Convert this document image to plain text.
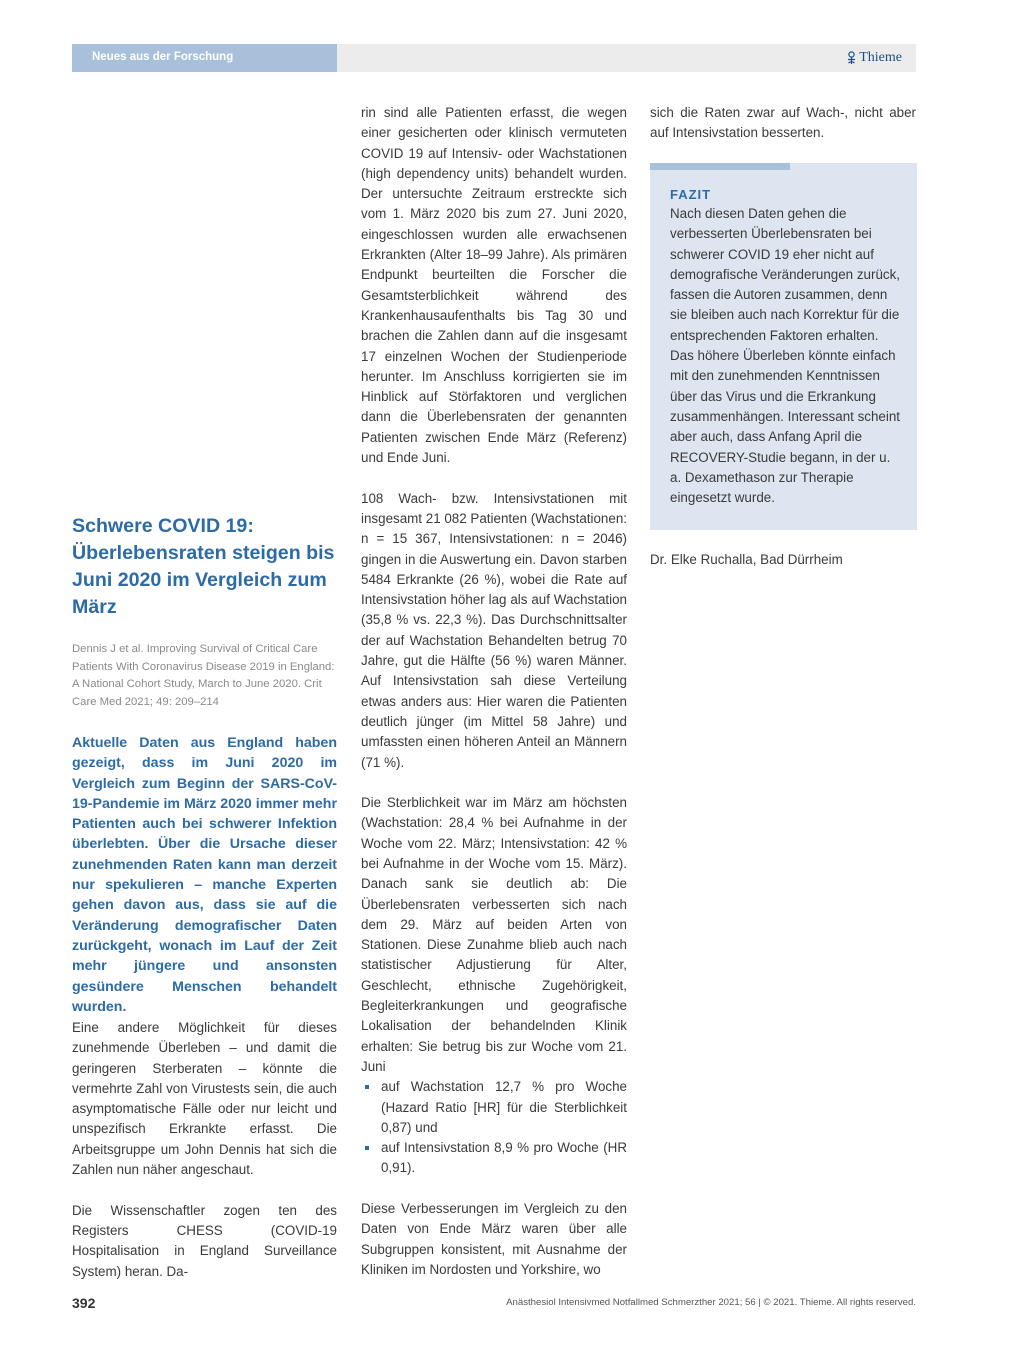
Neues aus der Forschung	Thieme
Schwere COVID 19: Überlebensraten steigen bis Juni 2020 im Vergleich zum März

Dennis J et al. Improving Survival of Critical Care Patients With Coronavirus Disease 2019 in England: A National Cohort Study, March to June 2020. Crit Care Med 2021; 49: 209–214

Aktuelle Daten aus England haben gezeigt, dass im Juni 2020 im Vergleich zum Beginn der SARS-CoV-19-Pandemie im März 2020 immer mehr Patienten auch bei schwerer Infektion überlebten. Über die Ursache dieser zunehmenden Raten kann man derzeit nur spekulieren – manche Experten gehen davon aus, dass sie auf die Veränderung demografischer Daten zurückgeht, wonach im Lauf der Zeit mehr jüngere und ansonsten gesündere Menschen behandelt wurden.

Eine andere Möglichkeit für dieses zunehmende Überleben – und damit die geringeren Sterberaten – könnte die vermehrte Zahl von Virustests sein, die auch asymptomatische Fälle oder nur leicht und unspezifisch Erkrankte erfasst. Die Arbeitsgruppe um John Dennis hat sich die Zahlen nun näher angeschaut.

Die Wissenschaftler zogen ten des Registers CHESS (COVID-19 Hospitalisation in England Surveillance System) heran. Da-

rin sind alle Patienten erfasst, die wegen einer gesicherten oder klinisch vermuteten COVID 19 auf Intensiv- oder Wachstationen (high dependency units) behandelt wurden. Der untersuchte Zeitraum erstreckte sich vom 1. März 2020 bis zum 27. Juni 2020, eingeschlossen wurden alle erwachsenen Erkrankten (Alter 18–99 Jahre). Als primären Endpunkt beurteilten die Forscher die Gesamtsterblichkeit während des Krankenhausaufenthalts bis Tag 30 und brachen die Zahlen dann auf die insgesamt 17 einzelnen Wochen der Studienperiode herunter. Im Anschluss korrigierten sie im Hinblick auf Störfaktoren und verglichen dann die Überlebensraten der genannten Patienten zwischen Ende März (Referenz) und Ende Juni.

108 Wach- bzw. Intensivstationen mit insgesamt 21 082 Patienten (Wachstationen: n = 15 367, Intensivstationen: n = 2046) gingen in die Auswertung ein. Davon starben 5484 Erkrankte (26 %), wobei die Rate auf Intensivstation höher lag als auf Wachstation (35,8 % vs. 22,3 %). Das Durchschnittsalter der auf Wachstation Behandelten betrug 70 Jahre, gut die Hälfte (56 %) waren Männer. Auf Intensivstation sah diese Verteilung etwas anders aus: Hier waren die Patienten deutlich jünger (im Mittel 58 Jahre) und umfassten einen höheren Anteil an Männern (71 %).

Die Sterblichkeit war im März am höchsten (Wachstation: 28,4 % bei Aufnahme in der Woche vom 22. März; Intensivstation: 42 % bei Aufnahme in der Woche vom 15. März). Danach sank sie deutlich ab: Die Überlebensraten verbesserten sich nach dem 29. März auf beiden Arten von Stationen. Diese Zunahme blieb auch nach statistischer Adjustierung für Alter, Geschlecht, ethnische Zugehörigkeit, Begleiterkrankungen und geografische Lokalisation der behandelnden Klinik erhalten: Sie betrug bis zur Woche vom 21. Juni

auf Wachstation 12,7 % pro Woche (Hazard Ratio [HR] für die Sterblichkeit 0,87) und
auf Intensivstation 8,9 % pro Woche (HR 0,91).

Diese Verbesserungen im Vergleich zu den Daten von Ende März waren über alle Subgruppen konsistent, mit Ausnahme der Kliniken im Nordosten und Yorkshire, wo

sich die Raten zwar auf Wach-, nicht aber auf Intensivstation besserten.

FAZIT

Nach diesen Daten gehen die verbesserten Überlebensraten bei schwerer COVID 19 eher nicht auf demografische Veränderungen zurück, fassen die Autoren zusammen, denn sie bleiben auch nach Korrektur für die entsprechenden Faktoren erhalten. Das höhere Überleben könnte einfach mit den zunehmenden Kenntnissen über das Virus und die Erkrankung zusammenhängen. Interessant scheint aber auch, dass Anfang April die RECOVERY-Studie begann, in der u. a. Dexamethason zur Therapie eingesetzt wurde.

Dr. Elke Ruchalla, Bad Dürrheim
392	Anästhesiol Intensivmed Notfallmed Schmerzther 2021; 56 | © 2021. Thieme. All rights reserved.
